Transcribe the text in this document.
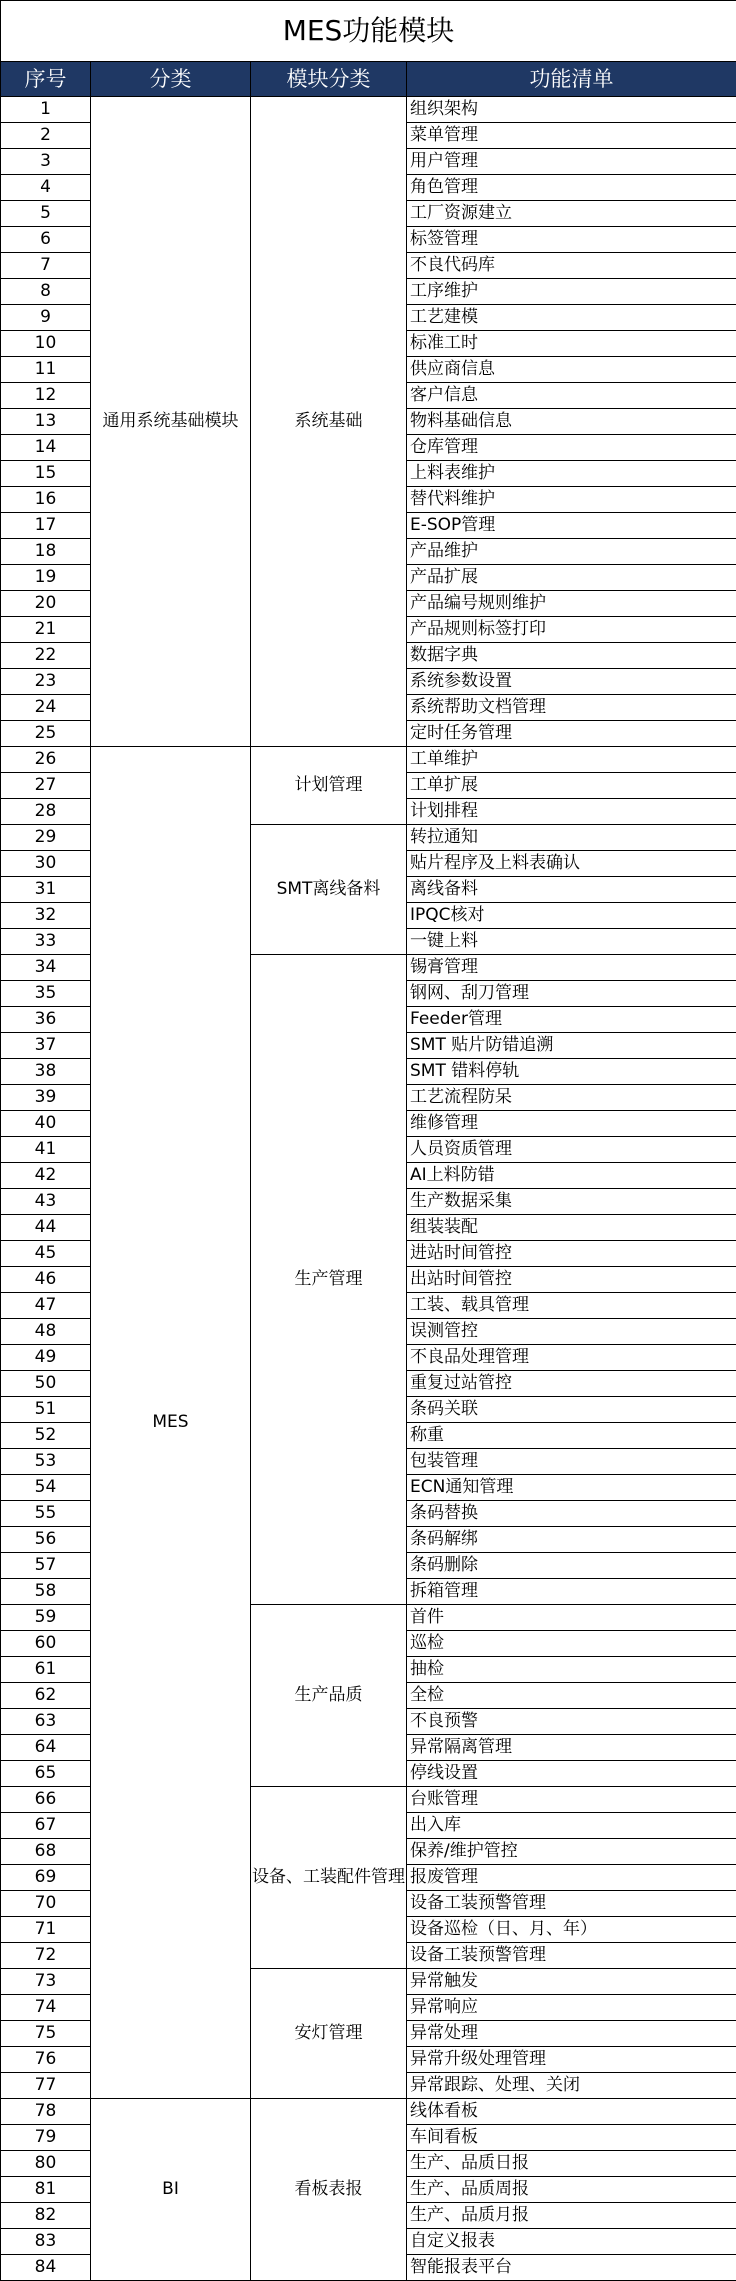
MES功能模块			
序号	分类	模块分类	功能清单
1	通用系统基础模块	系统基础	组织架构
2			菜单管理
3			用户管理
4			角色管理
5			工厂资源建立
6			标签管理
7			不良代码库
8			工序维护
9			工艺建模
10			标准工时
11			供应商信息
12			客户信息
13			物料基础信息
14			仓库管理
15			上料表维护
16			替代料维护
17			E-SOP管理
18			产品维护
19			产品扩展
20			产品编号规则维护
21			产品规则标签打印
22			数据字典
23			系统参数设置
24			系统帮助文档管理
25			定时任务管理
26	MES	计划管理	工单维护
27			工单扩展
28			计划排程
29		SMT离线备料	转拉通知
30			贴片程序及上料表确认
31			离线备料
32			IPQC核对
33			一键上料
34		生产管理	锡膏管理
35			钢网、刮刀管理
36			Feeder管理
37			SMT 贴片防错追溯
38			SMT 错料停轨
39			工艺流程防呆
40			维修管理
41			人员资质管理
42			AI上料防错
43			生产数据采集
44			组装装配
45			进站时间管控
46			出站时间管控
47			工装、载具管理
48			误测管控
49			不良品处理管理
50			重复过站管控
51			条码关联
52			称重
53			包装管理
54			ECN通知管理
55			条码替换
56			条码解绑
57			条码删除
58			拆箱管理
59		生产品质	首件
60			巡检
61			抽检
62			全检
63			不良预警
64			异常隔离管理
65			停线设置
66		设备、工装配件管理	台账管理
67			出入库
68			保养/维护管控
69			报废管理
70			设备工装预警管理
71			设备巡检（日、月、年）
72			设备工装预警管理
73		安灯管理	异常触发
74			异常响应
75			异常处理
76			异常升级处理管理
77			异常跟踪、处理、关闭
78	BI	看板表报	线体看板
79			车间看板
80			生产、品质日报
81			生产、品质周报
82			生产、品质月报
83			自定义报表
84			智能报表平台
